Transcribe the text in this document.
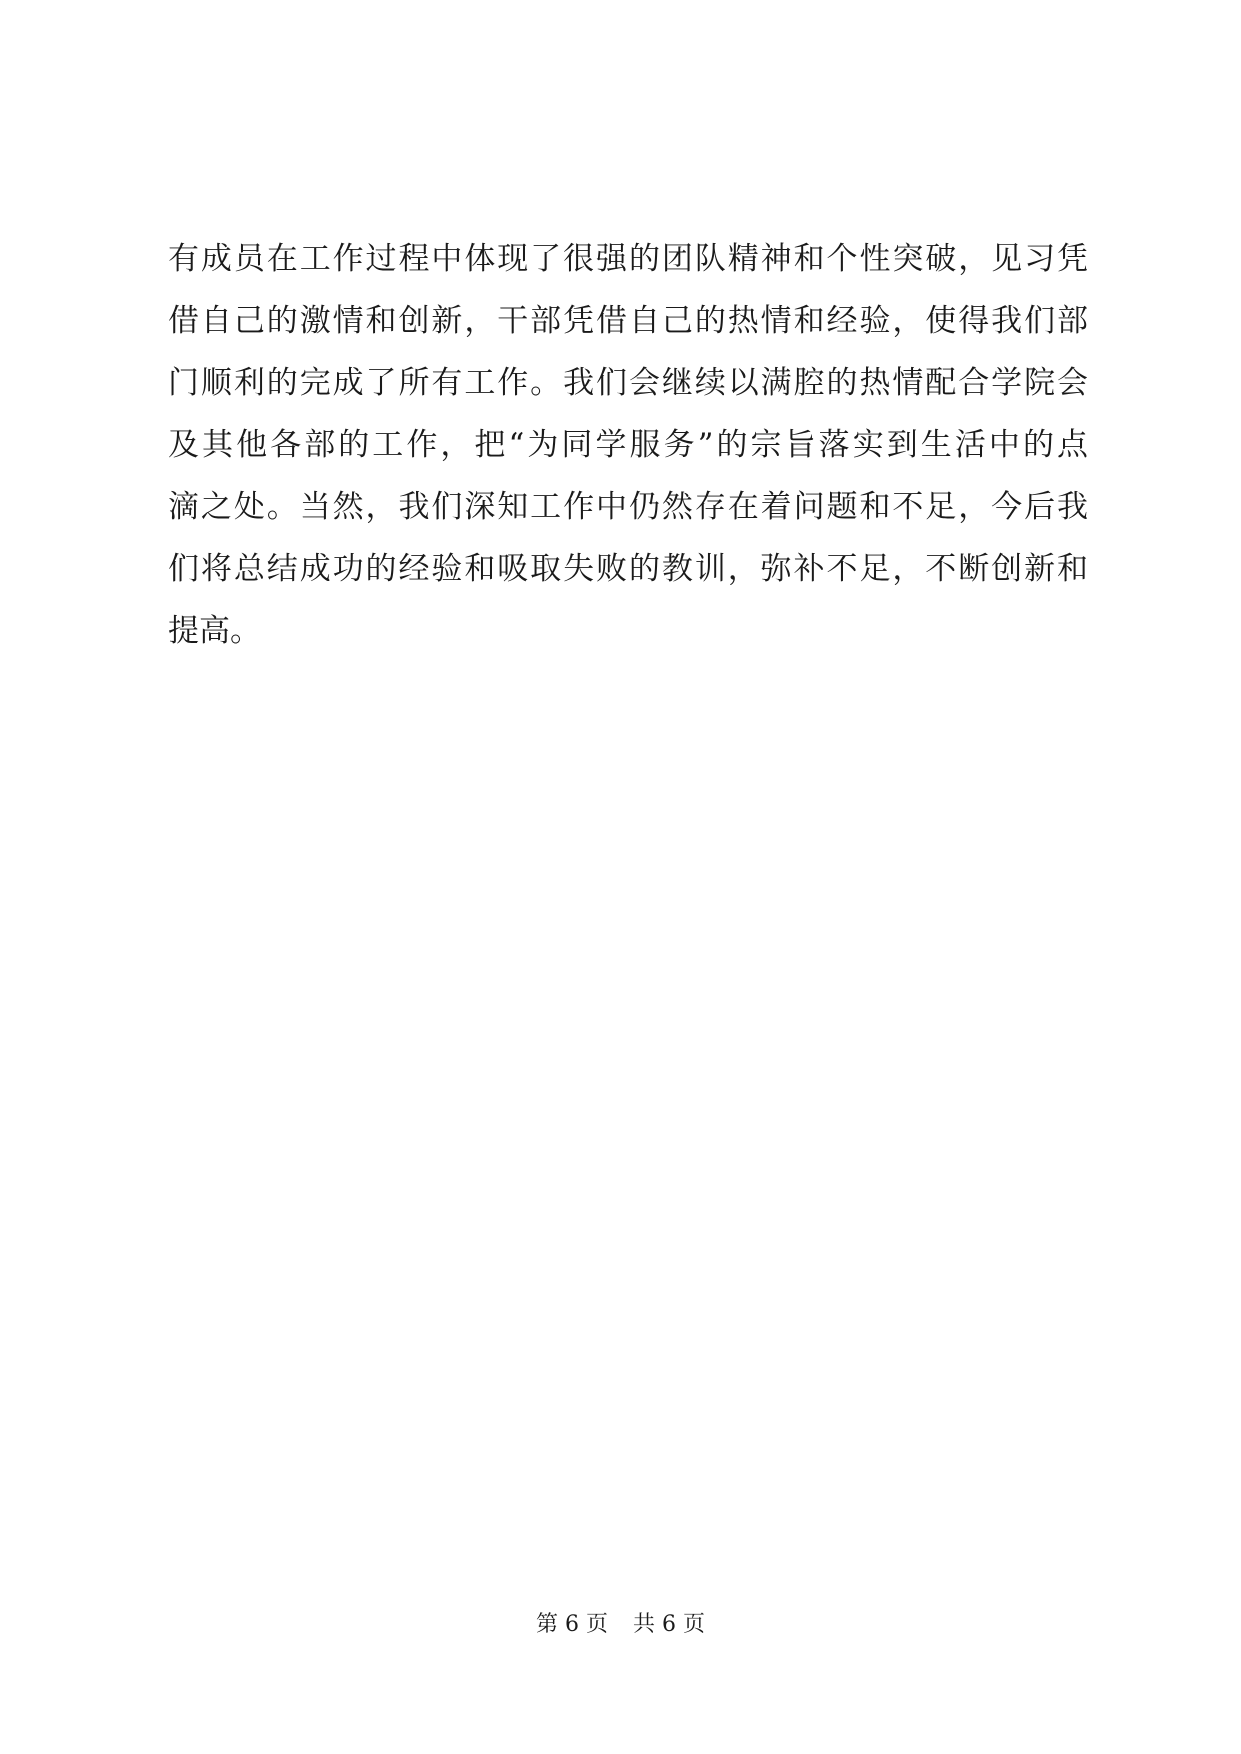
有成员在工作过程中体现了很强的团队精神和个性突破，见习凭
借自己的激情和创新，干部凭借自己的热情和经验，使得我们部
门顺利的完成了所有工作。我们会继续以满腔的热情配合学院会
及其他各部的工作，把“为同学服务”的宗旨落实到生活中的点
滴之处。当然，我们深知工作中仍然存在着问题和不足，今后我
们将总结成功的经验和吸取失败的教训，弥补不足，不断创新和
提高。
第 6 页 共 6 页
